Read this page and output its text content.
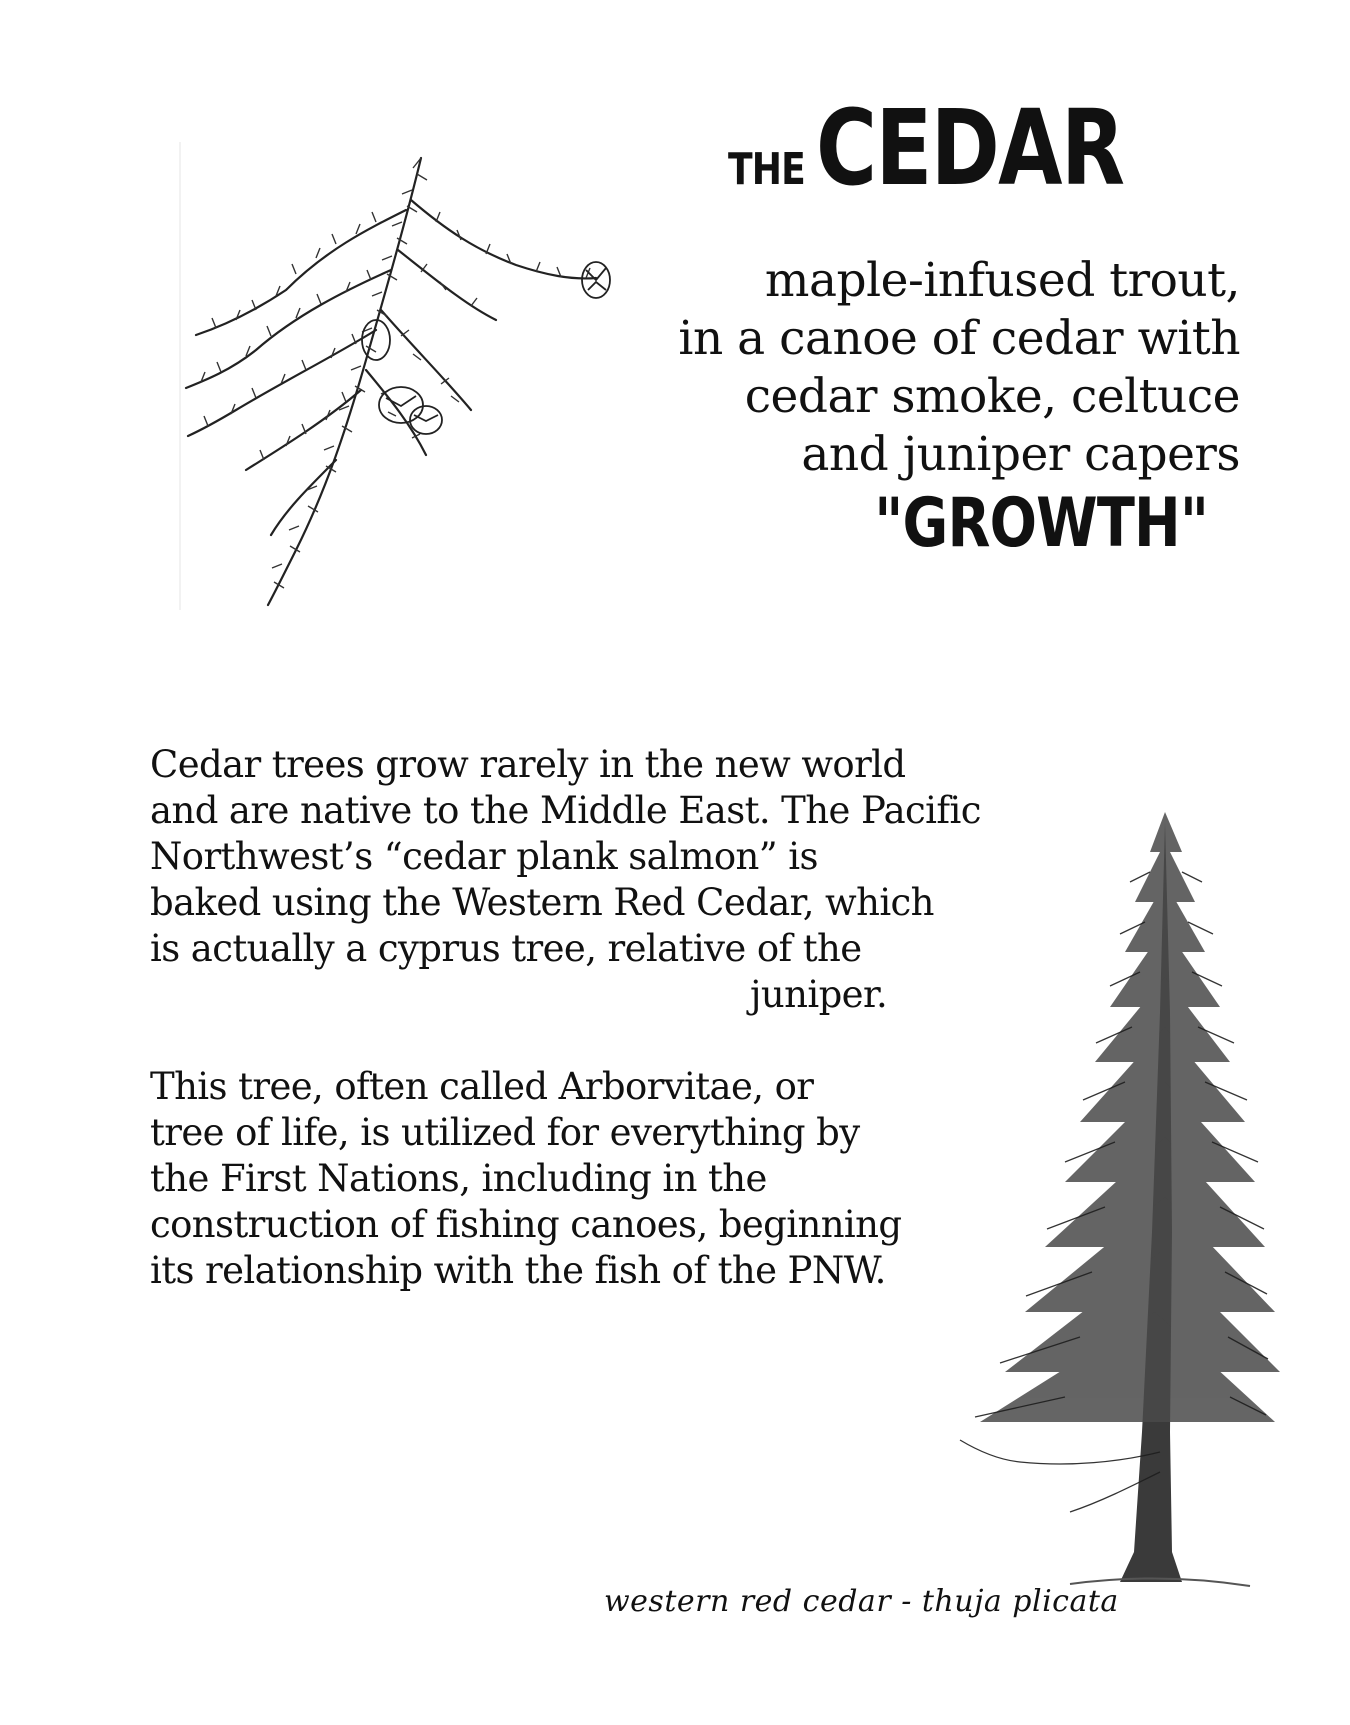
THE CEDAR

maple-infused trout,
in a canoe of cedar with
cedar smoke, celtuce
and juniper capers

"GROWTH"

Cedar trees grow rarely in the new world
and are native to the Middle East. The Pacific
Northwest’s “cedar plank salmon” is
baked using the Western Red Cedar, which
is actually a cyprus tree, relative of the
juniper.

This tree, often called Arborvitae, or
tree of life, is utilized for everything by
the First Nations, including in the
construction of fishing canoes, beginning
its relationship with the fish of the PNW.

western red cedar - thuja plicata
